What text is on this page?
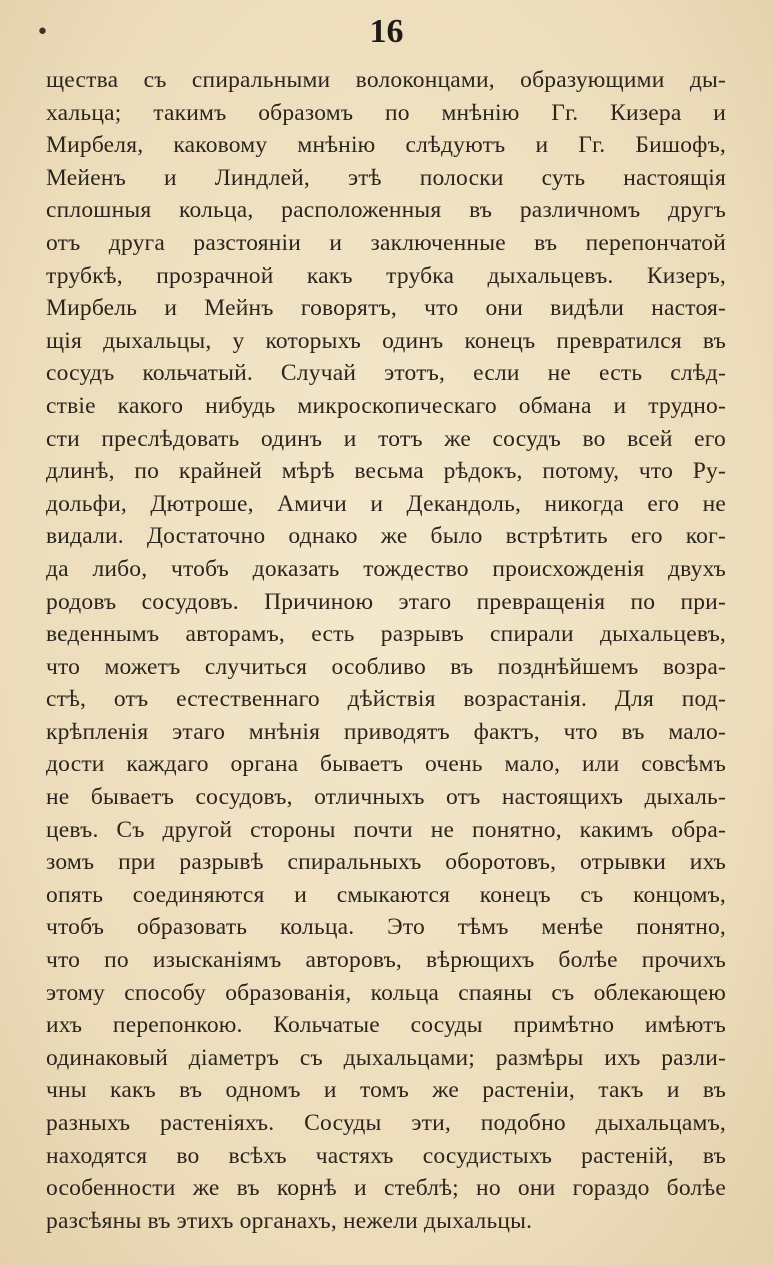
•	16
щества съ спиральными волоконцами, образующими ды-
хальца; такимъ образомъ по мнѣнію Гг. Кизера и
Мирбеля, каковому мнѣнію слѣдуютъ и Гг. Бишофъ,
Мейенъ и Линдлей, этѣ полоски суть настоящія
сплошныя кольца, расположенныя въ различномъ другъ
отъ друга разстояніи и заключенные въ перепончатой
трубкѣ, прозрачной какъ трубка дыхальцевъ. Кизеръ,
Мирбель и Мейнъ говорятъ, что они видѣли настоя-
щія дыхальцы, у которыхъ одинъ конецъ превратился въ
сосудъ кольчатый. Случай этотъ, если не есть слѣд-
ствіе какого нибудь микроскопическаго обмана и трудно-
сти преслѣдовать одинъ и тотъ же сосудъ во всей его
длинѣ, по крайней мѣрѣ весьма рѣдокъ, потому, что Ру-
дольфи, Дютроше, Амичи и Декандоль, никогда его не
видали. Достаточно однако же было встрѣтить его ког-
да либо, чтобъ доказать тождество происхожденія двухъ
родовъ сосудовъ. Причиною этаго превращенія по при-
веденнымъ авторамъ, есть разрывъ спирали дыхальцевъ,
что можетъ случиться особливо въ позднѣйшемъ возра-
стѣ, отъ естественнаго дѣйствія возрастанія. Для под-
крѣпленія этаго мнѣнія приводятъ фактъ, что въ мало-
дости каждаго органа бываетъ очень мало, или совсѣмъ
не бываетъ сосудовъ, отличныхъ отъ настоящихъ дыхаль-
цевъ. Съ другой стороны почти не понятно, какимъ обра-
зомъ при разрывѣ спиральныхъ оборотовъ, отрывки ихъ
опять соединяются и смыкаются конецъ съ концомъ,
чтобъ образовать кольца. Это тѣмъ менѣе понятно,
что по изысканіямъ авторовъ, вѣрющихъ болѣе прочихъ
этому способу образованія, кольца спаяны съ облекающею
ихъ перепонкою. Кольчатые сосуды примѣтно имѣютъ
одинаковый діаметръ съ дыхальцами; размѣры ихъ разли-
чны какъ въ одномъ и томъ же растеніи, такъ и въ
разныхъ растеніяхъ. Сосуды эти, подобно дыхальцамъ,
находятся во всѣхъ частяхъ сосудистыхъ растеній, въ
особенности же въ корнѣ и стеблѣ; но они гораздо болѣе
разсѣяны въ этихъ органахъ, нежели дыхальцы.
